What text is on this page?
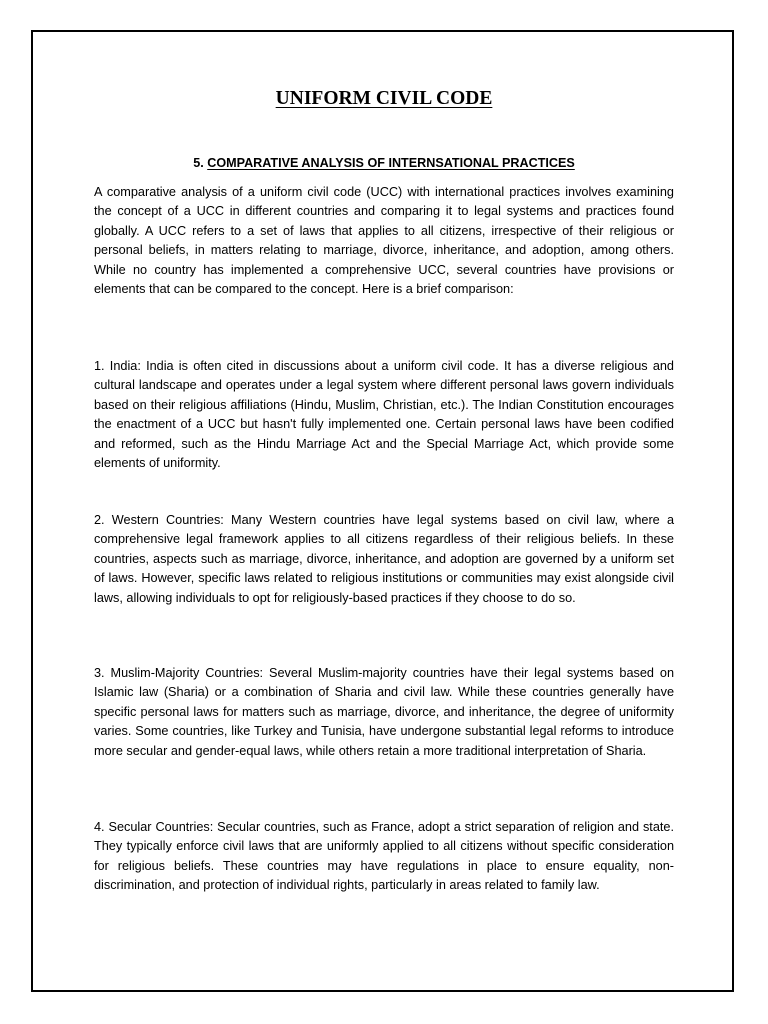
UNIFORM CIVIL CODE
5. COMPARATIVE ANALYSIS OF INTERNSATIONAL PRACTICES

A comparative analysis of a uniform civil code (UCC) with international practices involves examining the concept of a UCC in different countries and comparing it to legal systems and practices found globally. A UCC refers to a set of laws that applies to all citizens, irrespective of their religious or personal beliefs, in matters relating to marriage, divorce, inheritance, and adoption, among others. While no country has implemented a comprehensive UCC, several countries have provisions or elements that can be compared to the concept. Here is a brief comparison:

1. India: India is often cited in discussions about a uniform civil code. It has a diverse religious and cultural landscape and operates under a legal system where different personal laws govern individuals based on their religious affiliations (Hindu, Muslim, Christian, etc.). The Indian Constitution encourages the enactment of a UCC but hasn't fully implemented one. Certain personal laws have been codified and reformed, such as the Hindu Marriage Act and the Special Marriage Act, which provide some elements of uniformity.

2. Western Countries: Many Western countries have legal systems based on civil law, where a comprehensive legal framework applies to all citizens regardless of their religious beliefs. In these countries, aspects such as marriage, divorce, inheritance, and adoption are governed by a uniform set of laws. However, specific laws related to religious institutions or communities may exist alongside civil laws, allowing individuals to opt for religiously-based practices if they choose to do so.

3. Muslim-Majority Countries: Several Muslim-majority countries have their legal systems based on Islamic law (Sharia) or a combination of Sharia and civil law. While these countries generally have specific personal laws for matters such as marriage, divorce, and inheritance, the degree of uniformity varies. Some countries, like Turkey and Tunisia, have undergone substantial legal reforms to introduce more secular and gender-equal laws, while others retain a more traditional interpretation of Sharia.

4. Secular Countries: Secular countries, such as France, adopt a strict separation of religion and state. They typically enforce civil laws that are uniformly applied to all citizens without specific consideration for religious beliefs. These countries may have regulations in place to ensure equality, non-discrimination, and protection of individual rights, particularly in areas related to family law.
